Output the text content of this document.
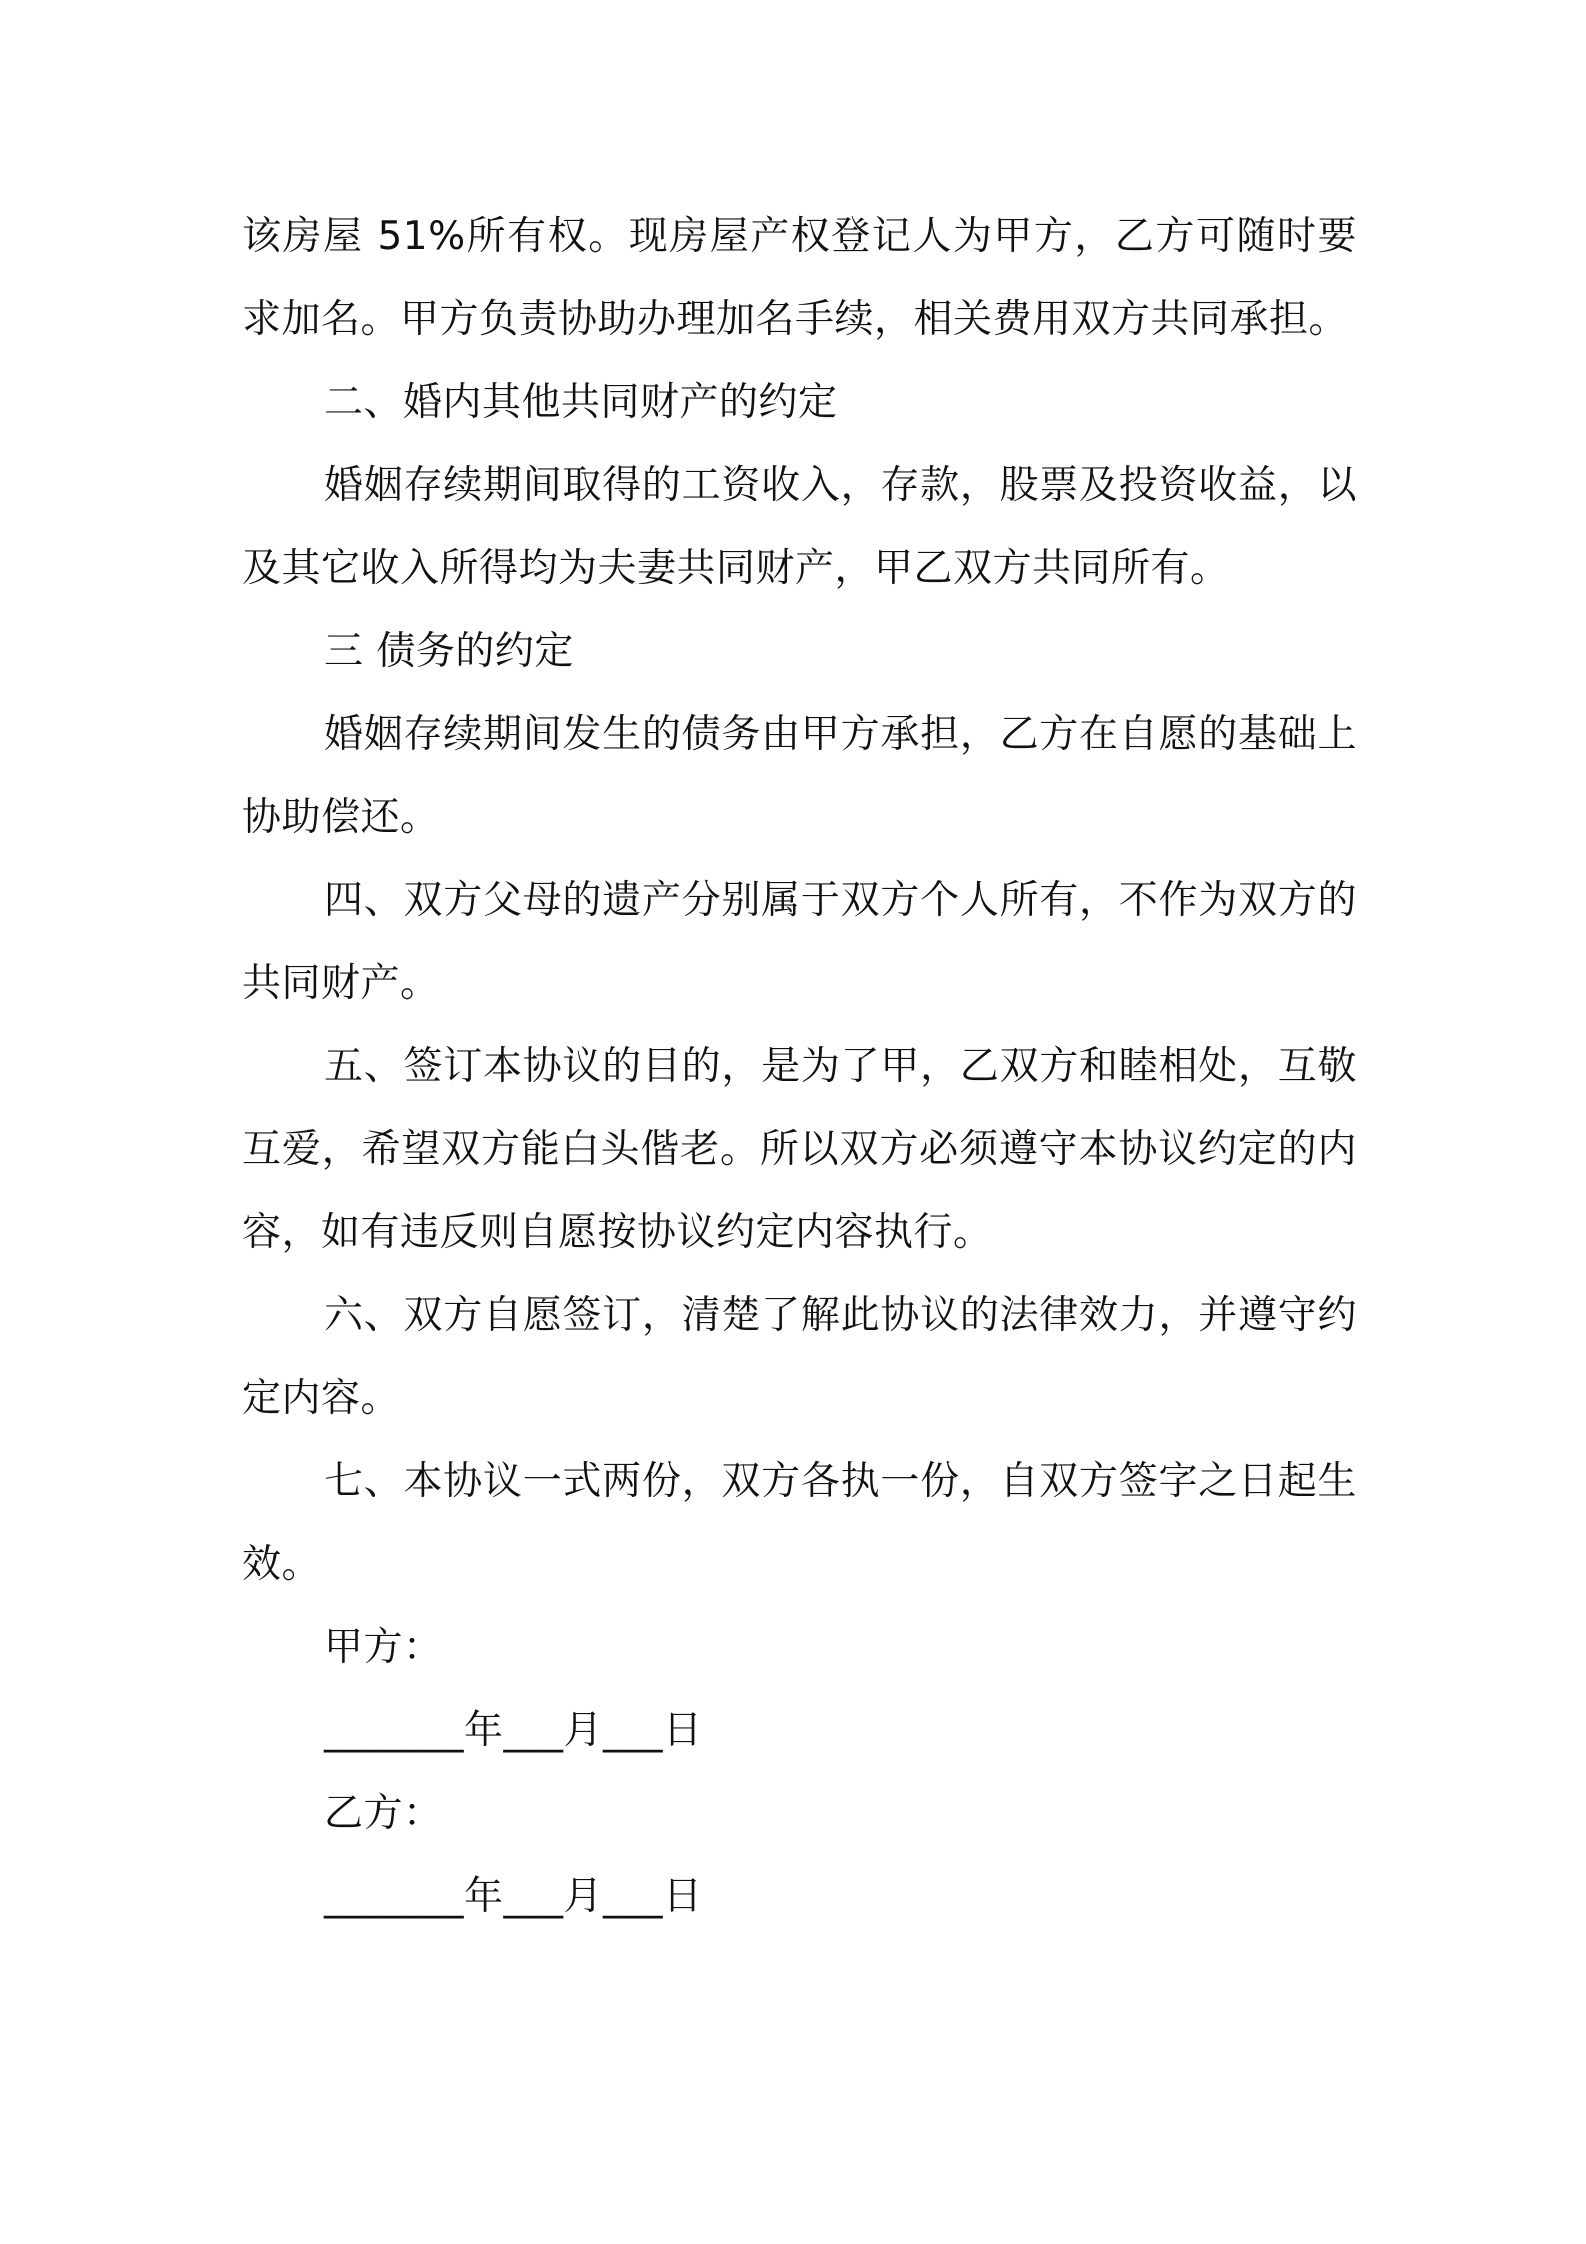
该房屋 51%所有权。现房屋产权登记人为甲方，乙方可随时要求加名。甲方负责协助办理加名手续，相关费用双方共同承担。

二、婚内其他共同财产的约定

婚姻存续期间取得的工资收入，存款，股票及投资收益，以及其它收入所得均为夫妻共同财产，甲乙双方共同所有。

三 债务的约定

婚姻存续期间发生的债务由甲方承担，乙方在自愿的基础上协助偿还。

四、双方父母的遗产分别属于双方个人所有，不作为双方的共同财产。

五、签订本协议的目的，是为了甲，乙双方和睦相处，互敬互爱，希望双方能白头偕老。所以双方必须遵守本协议约定的内容，如有违反则自愿按协议约定内容执行。

六、双方自愿签订，清楚了解此协议的法律效力，并遵守约定内容。

七、本协议一式两份，双方各执一份，自双方签字之日起生效。

甲方：

_______年___月___日

乙方：

_______年___月___日
